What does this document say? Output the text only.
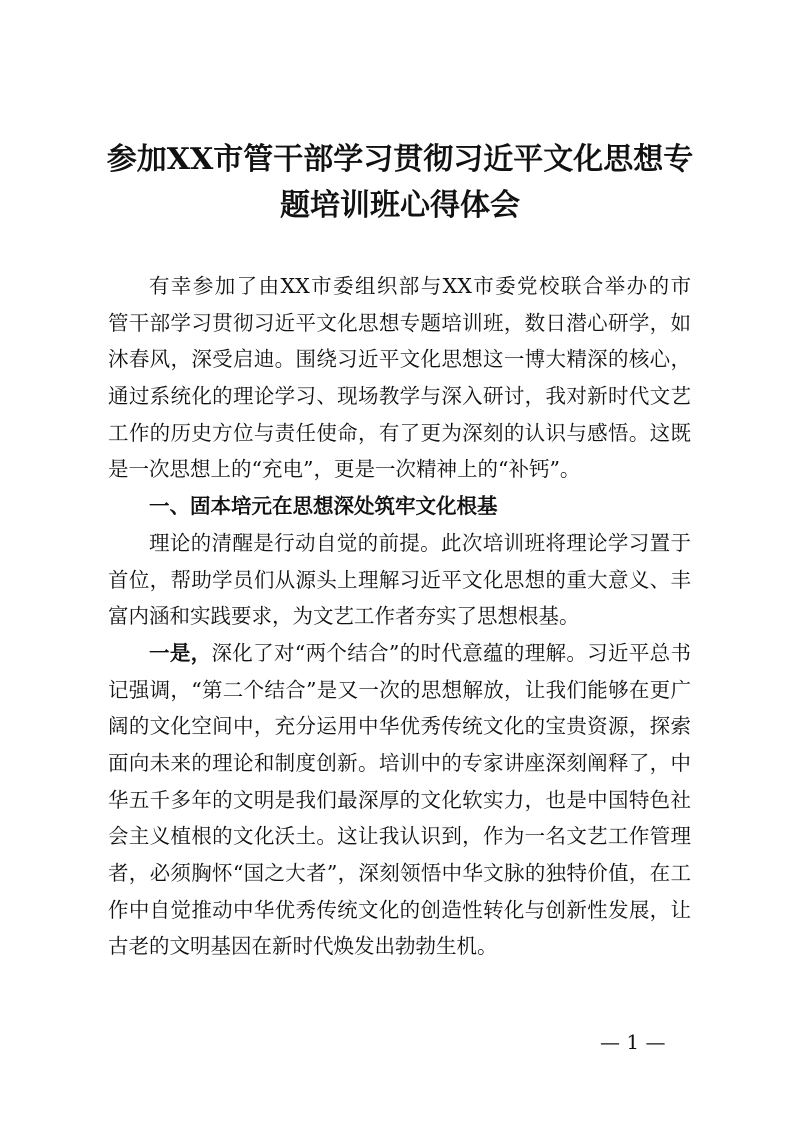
参加XX市管干部学习贯彻习近平文化思想专
题培训班心得体会
有幸参加了由XX市委组织部与XX市委党校联合举办的市
管干部学习贯彻习近平文化思想专题培训班，数日潜心研学，如
沐春风，深受启迪。围绕习近平文化思想这一博大精深的核心，
通过系统化的理论学习、现场教学与深入研讨，我对新时代文艺
工作的历史方位与责任使命，有了更为深刻的认识与感悟。这既
是一次思想上的“充电”，更是一次精神上的“补钙”。
一、固本培元在思想深处筑牢文化根基
理论的清醒是行动自觉的前提。此次培训班将理论学习置于
首位，帮助学员们从源头上理解习近平文化思想的重大意义、丰
富内涵和实践要求，为文艺工作者夯实了思想根基。
一是，深化了对“两个结合”的时代意蕴的理解。习近平总书
记强调，“第二个结合”是又一次的思想解放，让我们能够在更广
阔的文化空间中，充分运用中华优秀传统文化的宝贵资源，探索
面向未来的理论和制度创新。培训中的专家讲座深刻阐释了，中
华五千多年的文明是我们最深厚的文化软实力，也是中国特色社
会主义植根的文化沃土。这让我认识到，作为一名文艺工作管理
者，必须胸怀“国之大者”，深刻领悟中华文脉的独特价值，在工
作中自觉推动中华优秀传统文化的创造性转化与创新性发展，让
古老的文明基因在新时代焕发出勃勃生机。
— 1 —
